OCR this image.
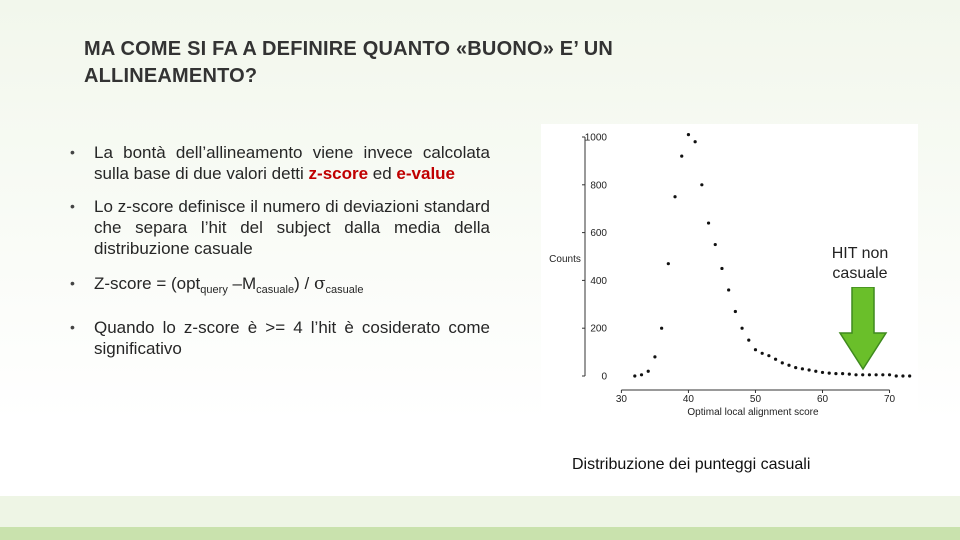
MA COME SI FA A DEFINIRE QUANTO «BUONO» E’ UN ALLINEAMENTO?
• La bontà dell’allineamento viene invece calcolata sulla base di due valori detti z-score ed e-value
• Lo z-score definisce il numero di deviazioni standard che separa l’hit del subject dalla media della distribuzione casuale
• Z-score = (opt$_{query}$ $-M_{casuale}) / \sigma_{casuale}$
• Quando lo z-score è >= 4 l’hit è cosiderato come significativo
0
200
400
600
800
1000
30	40	50	60	70
Counts
Optimal local alignment score
HIT non casuale
Distribuzione dei punteggi casuali
